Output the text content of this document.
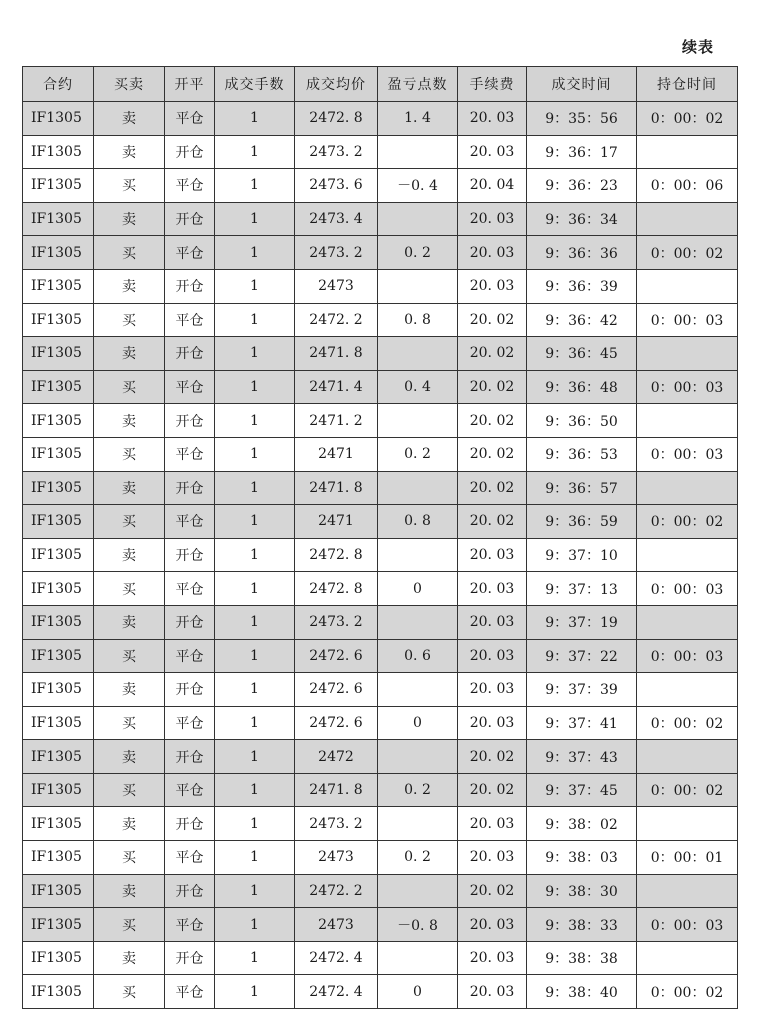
续表
合约	买卖	开平	成交手数	成交均价	盈亏点数	手续费	成交时间	持仓时间
IF1305	卖	平仓	1	2472. 8	1. 4	20. 03	9：35：56	0：00：02
IF1305	卖	开仓	1	2473. 2		20. 03	9：36：17	
IF1305	买	平仓	1	2473. 6	－0. 4	20. 04	9：36：23	0：00：06
IF1305	卖	开仓	1	2473. 4		20. 03	9：36：34	
IF1305	买	平仓	1	2473. 2	0. 2	20. 03	9：36：36	0：00：02
IF1305	卖	开仓	1	2473		20. 03	9：36：39	
IF1305	买	平仓	1	2472. 2	0. 8	20. 02	9：36：42	0：00：03
IF1305	卖	开仓	1	2471. 8		20. 02	9：36：45	
IF1305	买	平仓	1	2471. 4	0. 4	20. 02	9：36：48	0：00：03
IF1305	卖	开仓	1	2471. 2		20. 02	9：36：50	
IF1305	买	平仓	1	2471	0. 2	20. 02	9：36：53	0：00：03
IF1305	卖	开仓	1	2471. 8		20. 02	9：36：57	
IF1305	买	平仓	1	2471	0. 8	20. 02	9：36：59	0：00：02
IF1305	卖	开仓	1	2472. 8		20. 03	9：37：10	
IF1305	买	平仓	1	2472. 8	0	20. 03	9：37：13	0：00：03
IF1305	卖	开仓	1	2473. 2		20. 03	9：37：19	
IF1305	买	平仓	1	2472. 6	0. 6	20. 03	9：37：22	0：00：03
IF1305	卖	开仓	1	2472. 6		20. 03	9：37：39	
IF1305	买	平仓	1	2472. 6	0	20. 03	9：37：41	0：00：02
IF1305	卖	开仓	1	2472		20. 02	9：37：43	
IF1305	买	平仓	1	2471. 8	0. 2	20. 02	9：37：45	0：00：02
IF1305	卖	开仓	1	2473. 2		20. 03	9：38：02	
IF1305	买	平仓	1	2473	0. 2	20. 03	9：38：03	0：00：01
IF1305	卖	开仓	1	2472. 2		20. 02	9：38：30	
IF1305	买	平仓	1	2473	－0. 8	20. 03	9：38：33	0：00：03
IF1305	卖	开仓	1	2472. 4		20. 03	9：38：38	
IF1305	买	平仓	1	2472. 4	0	20. 03	9：38：40	0：00：02
